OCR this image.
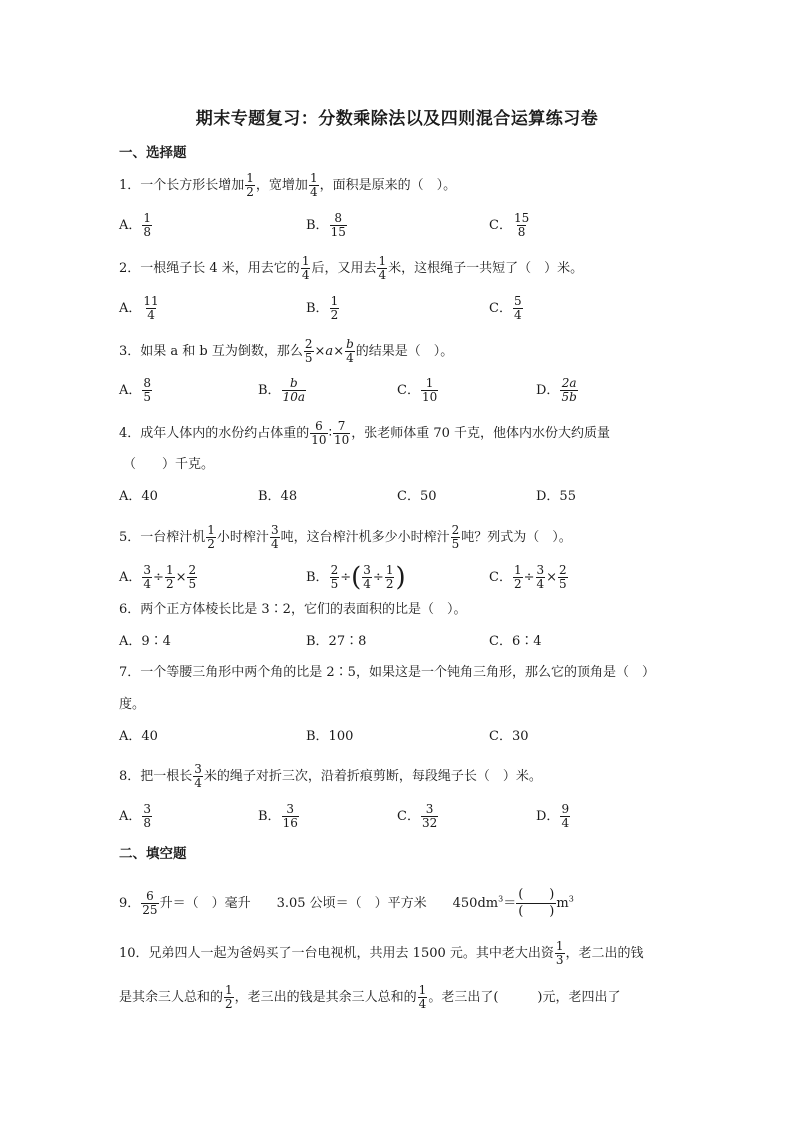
期末专题复习：分数乘除法以及四则混合运算练习卷
一、选择题
1．一个长方形长增加 $\frac{1}{2}$ ，宽增加 $\frac{1}{4}$ ，面积是原来的（　）。
A． $\frac{1}{8}$	B． $\frac{8}{15}$	C． $\frac{15}{8}$
2．一根绳子长 4 米，用去它的 $\frac{1}{4}$ 后，又用去 $\frac{1}{4}$ 米，这根绳子一共短了（　）米。
A． $\frac{11}{4}$	B． $\frac{1}{2}$	C． $\frac{5}{4}$
3．如果 a 和 b 互为倒数，那么 $\frac{2}{5} \times a\times \frac{b}{4}$ 的结果是（　）。
A． $\frac{8}{5}$	B． $\frac{b}{10a}$	C． $\frac{1}{10}$	D． $\frac{2a}{5b}$
4．成年人体内的水份约占体重的 $\frac{6}{10}$ ∶ $\frac{7}{10}$ ，张老师体重 70 千克，他体内水份大约质量
（　　）千克。
A．40	B．48	C．50	D．55
5．一台榨汁机 $\frac{1}{2}$ 小时榨汁 $\frac{3}{4}$ 吨，这台榨汁机多少小时榨汁 $\frac{2}{5}$ 吨？列式为（　）。
A． $\frac{3}{4} \div \frac{1}{2} \times \frac{2}{5}$	B． $\frac{2}{5}$ ÷( $\frac{3}{4} \div \frac{1}{2}$ )	C． $\frac{1}{2} \div \frac{3}{4} \times \frac{2}{5}$
6．两个正方体棱长比是 3∶2，它们的表面积的比是（　）。
A．9∶4	B．27∶8	C．6∶4
7．一个等腰三角形中两个角的比是 2∶5，如果这是一个钝角三角形，那么它的顶角是（　）
度。
A．40	B．100	C．30
8．把一根长 $\frac{3}{4}$ 米的绳子对折三次，沿着折痕剪断，每段绳子长（　）米。
A． $\frac{3}{8}$	B． $\frac{3}{16}$	C． $\frac{3}{32}$	D． $\frac{9}{4}$
二、填空题
9． $\frac{6}{25}$ 升＝（　）毫升　　3.05 公顷＝（　）平方米　　$450dm^3=$
(　　)
(　　)
$m^3$
10．兄弟四人一起为爸妈买了一台电视机，共用去 1500 元。其中老大出资 $\frac{1}{3}$ ，老二出的钱
是其余三人总和的 $\frac{1}{2}$ ，老三出的钱是其余三人总和的 $\frac{1}{4}$ 。老三出了(　　　)元，老四出了
